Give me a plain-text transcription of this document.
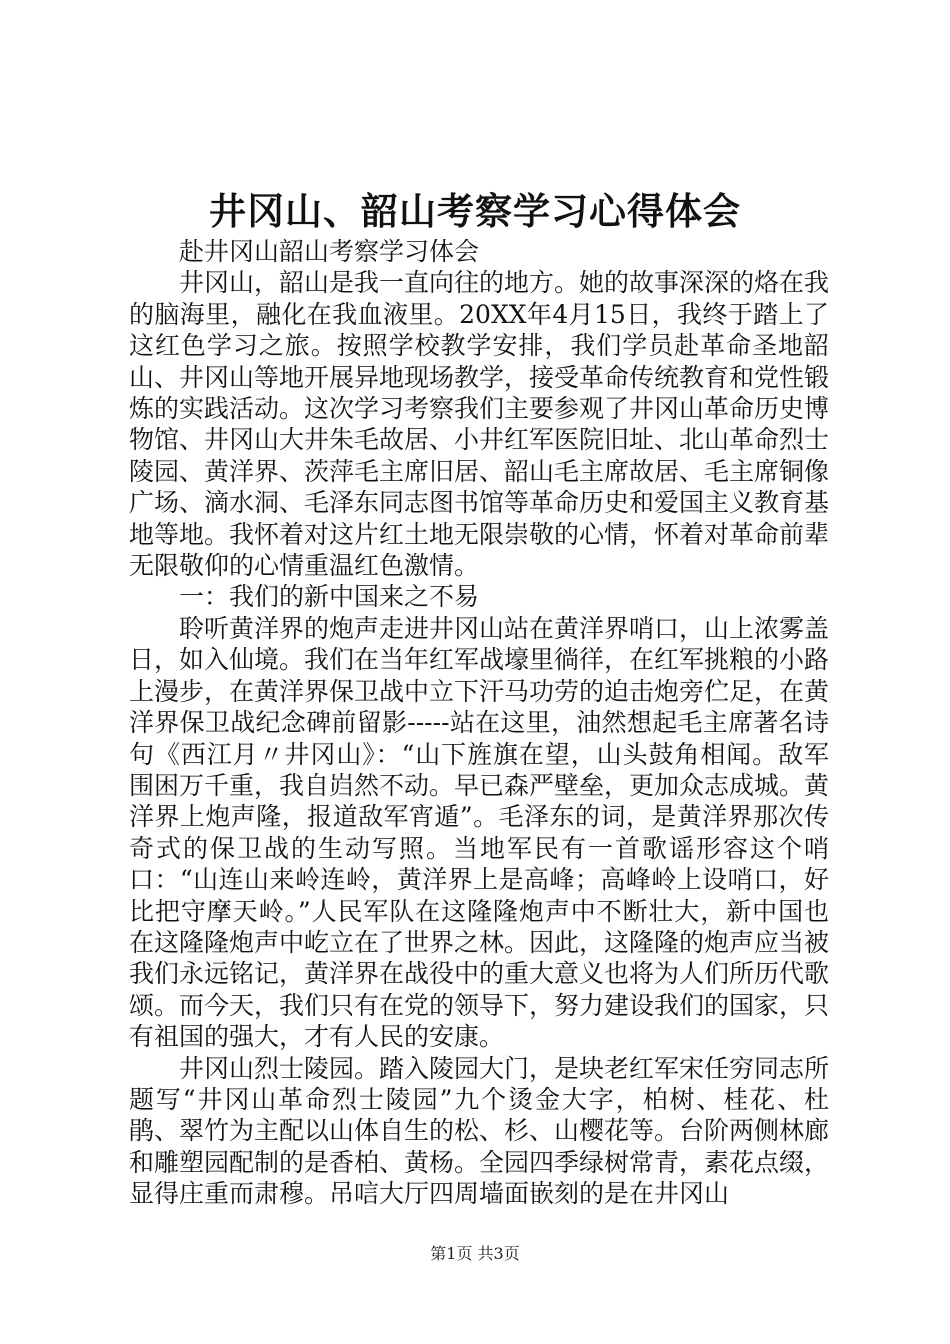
井冈山、韶山考察学习心得体会

赴井冈山韶山考察学习体会

井冈山，韶山是我一直向往的地方。她的故事深深的烙在我的脑海里，融化在我血液里。20XX年4月15日，我终于踏上了这红色学习之旅。按照学校教学安排，我们学员赴革命圣地韶山、井冈山等地开展异地现场教学，接受革命传统教育和党性锻炼的实践活动。这次学习考察我们主要参观了井冈山革命历史博物馆、井冈山大井朱毛故居、小井红军医院旧址、北山革命烈士陵园、黄洋界、茨萍毛主席旧居、韶山毛主席故居、毛主席铜像广场、滴水洞、毛泽东同志图书馆等革命历史和爱国主义教育基地等地。我怀着对这片红土地无限崇敬的心情，怀着对革命前辈无限敬仰的心情重温红色激情。

一：我们的新中国来之不易

聆听黄洋界的炮声走进井冈山站在黄洋界哨口，山上浓雾盖日，如入仙境。我们在当年红军战壕里徜徉，在红军挑粮的小路上漫步，在黄洋界保卫战中立下汗马功劳的迫击炮旁伫足，在黄洋界保卫战纪念碑前留影-----站在这里，油然想起毛主席著名诗句《西江月〃井冈山》：“山下旌旗在望，山头鼓角相闻。敌军围困万千重，我自岿然不动。早已森严壁垒，更加众志成城。黄洋界上炮声隆，报道敌军宵遁”。毛泽东的词，是黄洋界那次传奇式的保卫战的生动写照。当地军民有一首歌谣形容这个哨口：“山连山来岭连岭，黄洋界上是高峰；高峰岭上设哨口，好比把守摩天岭。”人民军队在这隆隆炮声中不断壮大，新中国也在这隆隆炮声中屹立在了世界之林。因此，这隆隆的炮声应当被我们永远铭记，黄洋界在战役中的重大意义也将为人们所历代歌颂。而今天，我们只有在党的领导下，努力建设我们的国家，只有祖国的强大，才有人民的安康。

井冈山烈士陵园。踏入陵园大门，是块老红军宋任穷同志所题写“井冈山革命烈士陵园”九个烫金大字，柏树、桂花、杜鹃、翠竹为主配以山体自生的松、杉、山樱花等。台阶两侧林廊和雕塑园配制的是香柏、黄杨。全园四季绿树常青，素花点缀，显得庄重而肃穆。吊唁大厅四周墙面嵌刻的是在井冈山

第1页 共3页
